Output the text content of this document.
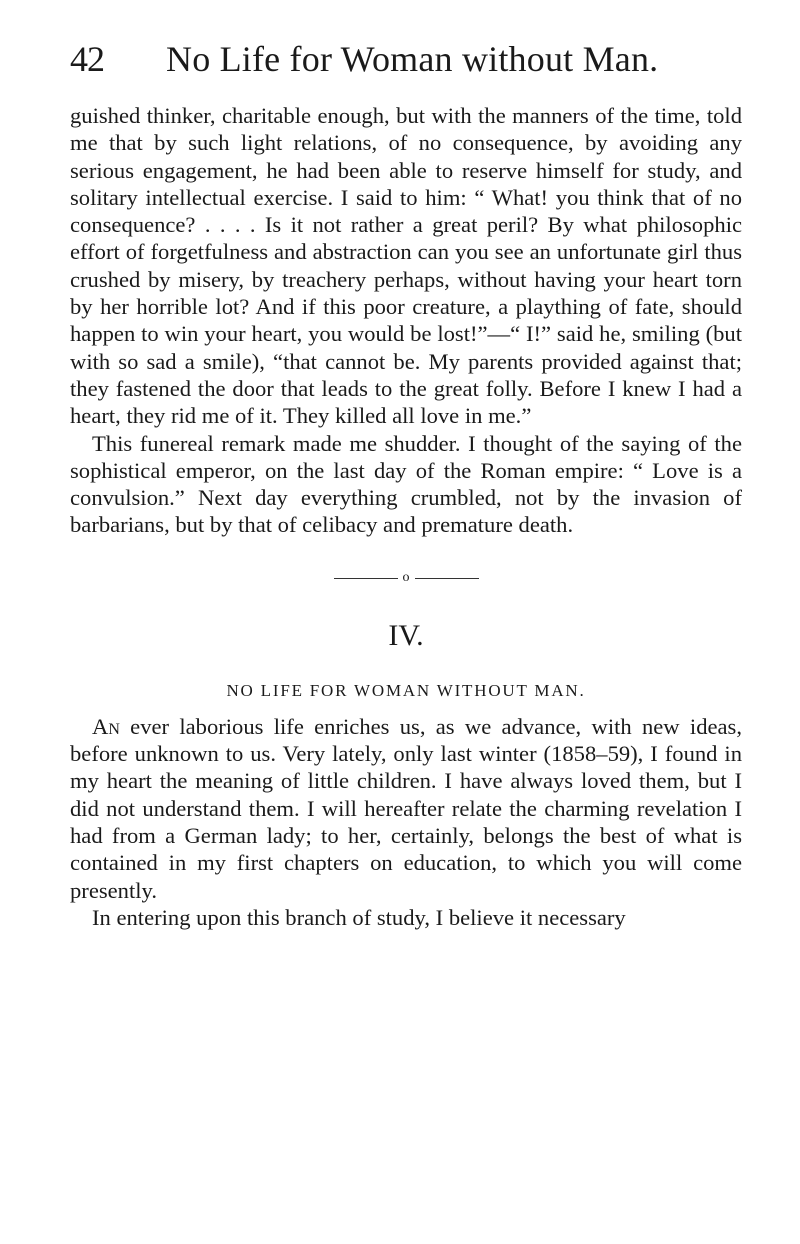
42	No Life for Woman without Man.

guished thinker, charitable enough, but with the manners of the time, told me that by such light relations, of no consequence, by avoiding any serious engagement, he had been able to reserve himself for study, and solitary intellectual exercise. I said to him: “ What! you think that of no consequence? . . . . Is it not rather a great peril? By what philosophic effort of forgetfulness and abstraction can you see an unfortunate girl thus crushed by misery, by treachery perhaps, without having your heart torn by her horrible lot? And if this poor creature, a plaything of fate, should happen to win your heart, you would be lost!”—“ I!” said he, smiling (but with so sad a smile), “that cannot be. My parents provided against that; they fastened the door that leads to the great folly. Before I knew I had a heart, they rid me of it. They killed all love in me.”

This funereal remark made me shudder. I thought of the saying of the sophistical emperor, on the last day of the Roman empire: “ Love is a convulsion.” Next day everything crumbled, not by the invasion of barbarians, but by that of celibacy and premature death.

o
IV.
NO LIFE FOR WOMAN WITHOUT MAN.

An ever laborious life enriches us, as we advance, with new ideas, before unknown to us. Very lately, only last winter (1858–59), I found in my heart the meaning of little children. I have always loved them, but I did not understand them. I will hereafter relate the charming revelation I had from a German lady; to her, certainly, belongs the best of what is contained in my first chapters on education, to which you will come presently.

In entering upon this branch of study, I believe it necessary
